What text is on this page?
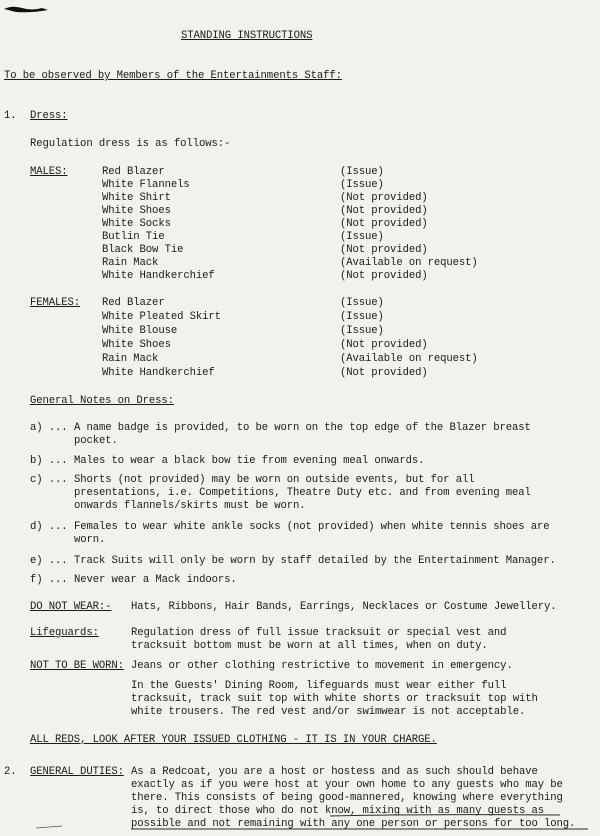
STANDING INSTRUCTIONS
To be observed by Members of the Entertainments Staff:
1. Dress:
Regulation dress is as follows:-
MALES:	Red Blazer	(Issue)
White Flannels	(Issue)
White Shirt	(Not provided)
White Shoes	(Not provided)
White Socks	(Not provided)
Butlin Tie	(Issue)
Black Bow Tie	(Not provided)
Rain Mack	(Available on request)
White Handkerchief	(Not provided)
FEMALES: Red Blazer	(Issue)
White Pleated Skirt	(Issue)
White Blouse	(Issue)
White Shoes	(Not provided)
Rain Mack	(Available on request)
White Handkerchief	(Not provided)
General Notes on Dress:
a) ... A name badge is provided, to be worn on the top edge of the Blazer breast
pocket.
b) ... Males to wear a black bow tie from evening meal onwards.
c) ... Shorts (not provided) may be worn on outside events, but for all
presentations, i.e. Competitions, Theatre Duty etc. and from evening meal
onwards flannels/skirts must be worn.
d) ... Females to wear white ankle socks (not provided) when white tennis shoes are
worn.
e) ... Track Suits will only be worn by staff detailed by the Entertainment Manager.
f) ... Never wear a Mack indoors.
DO NOT WEAR:- Hats, Ribbons, Hair Bands, Earrings, Necklaces or Costume Jewellery.
Lifeguards:	Regulation dress of full issue tracksuit or special vest and
tracksuit bottom must be worn at all times, when on duty.
NOT TO BE WORN: Jeans or other clothing restrictive to movement in emergency.
In the Guests' Dining Room, lifeguards must wear either full
tracksuit, track suit top with white shorts or tracksuit top with
white trousers. The red vest and/or swimwear is not acceptable.
ALL REDS, LOOK AFTER YOUR ISSUED CLOTHING - IT IS IN YOUR CHARGE.
2. GENERAL DUTIES: As a Redcoat, you are a host or hostess and as such should behave
exactly as if you were host at your own home to any guests who may be
there. This consists of being good-mannered, knowing where everything
is, to direct those who do not know, mixing with as many guests as
possible and not remaining with any one person or persons for too long.
